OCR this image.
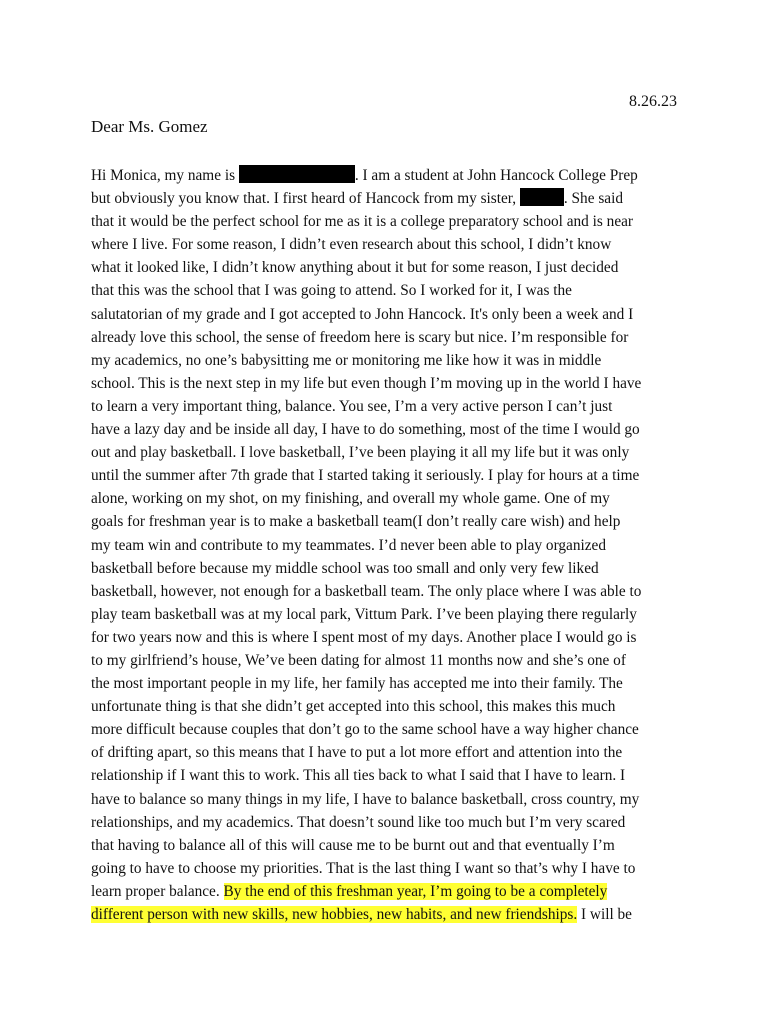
8.26.23
Dear Ms. Gomez
Hi Monica, my name is	. I am a student at John Hancock College Prep
but obviously you know that. I first heard of Hancock from my sister,	. She said
that it would be the perfect school for me as it is a college preparatory school and is near
where I live. For some reason, I didn’t even research about this school, I didn’t know
what it looked like, I didn’t know anything about it but for some reason, I just decided
that this was the school that I was going to attend. So I worked for it, I was the
salutatorian of my grade and I got accepted to John Hancock. It's only been a week and I
already love this school, the sense of freedom here is scary but nice. I’m responsible for
my academics, no one’s babysitting me or monitoring me like how it was in middle
school. This is the next step in my life but even though I’m moving up in the world I have
to learn a very important thing, balance. You see, I’m a very active person I can’t just
have a lazy day and be inside all day, I have to do something, most of the time I would go
out and play basketball. I love basketball, I’ve been playing it all my life but it was only
until the summer after 7th grade that I started taking it seriously. I play for hours at a time
alone, working on my shot, on my finishing, and overall my whole game. One of my
goals for freshman year is to make a basketball team(I don’t really care wish) and help
my team win and contribute to my teammates. I’d never been able to play organized
basketball before because my middle school was too small and only very few liked
basketball, however, not enough for a basketball team. The only place where I was able to
play team basketball was at my local park, Vittum Park. I’ve been playing there regularly
for two years now and this is where I spent most of my days. Another place I would go is
to my girlfriend’s house, We’ve been dating for almost 11 months now and she’s one of
the most important people in my life, her family has accepted me into their family. The
unfortunate thing is that she didn’t get accepted into this school, this makes this much
more difficult because couples that don’t go to the same school have a way higher chance
of drifting apart, so this means that I have to put a lot more effort and attention into the
relationship if I want this to work. This all ties back to what I said that I have to learn. I
have to balance so many things in my life, I have to balance basketball, cross country, my
relationships, and my academics. That doesn’t sound like too much but I’m very scared
that having to balance all of this will cause me to be burnt out and that eventually I’m
going to have to choose my priorities. That is the last thing I want so that’s why I have to
learn proper balance. By the end of this freshman year, I’m going to be a completely
different person with new skills, new hobbies, new habits, and new friendships. I will be
